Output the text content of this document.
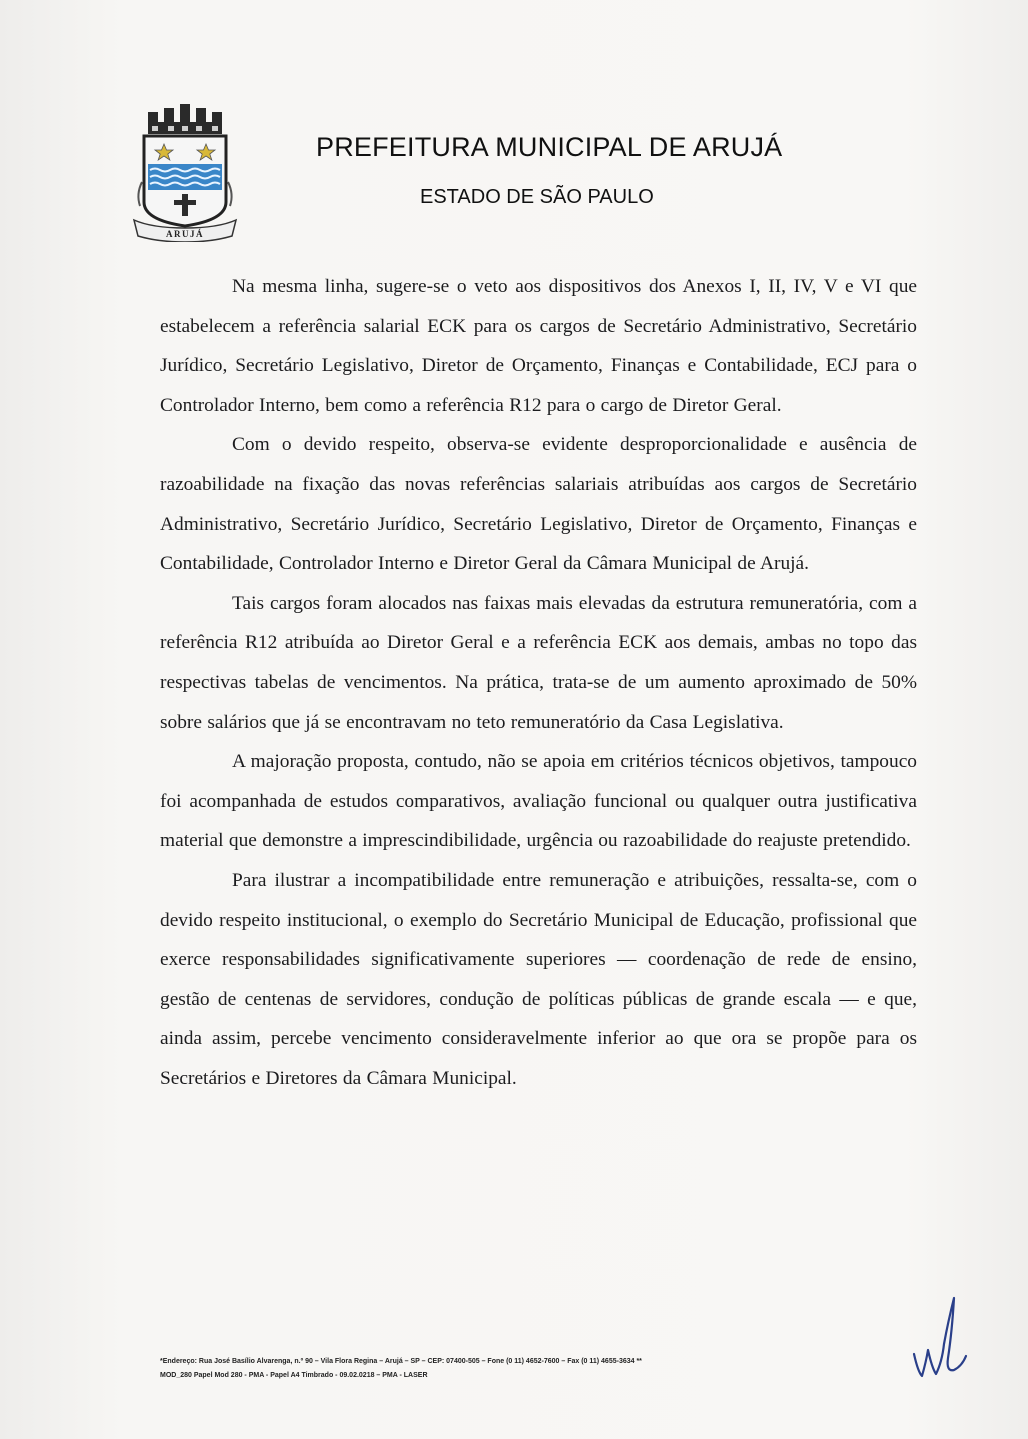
ARUJÁ
PREFEITURA MUNICIPAL DE ARUJÁ
ESTADO DE SÃO PAULO

Na mesma linha, sugere-se o veto aos dispositivos dos Anexos I, II, IV, V e VI que estabelecem a referência salarial ECK para os cargos de Secretário Administrativo, Secretário Jurídico, Secretário Legislativo, Diretor de Orçamento, Finanças e Contabilidade, ECJ para o Controlador Interno, bem como a referência R12 para o cargo de Diretor Geral.

Com o devido respeito, observa-se evidente desproporcionalidade e ausência de razoabilidade na fixação das novas referências salariais atribuídas aos cargos de Secretário Administrativo, Secretário Jurídico, Secretário Legislativo, Diretor de Orçamento, Finanças e Contabilidade, Controlador Interno e Diretor Geral da Câmara Municipal de Arujá.

Tais cargos foram alocados nas faixas mais elevadas da estrutura remuneratória, com a referência R12 atribuída ao Diretor Geral e a referência ECK aos demais, ambas no topo das respectivas tabelas de vencimentos. Na prática, trata-se de um aumento aproximado de 50% sobre salários que já se encontravam no teto remuneratório da Casa Legislativa.

A majoração proposta, contudo, não se apoia em critérios técnicos objetivos, tampouco foi acompanhada de estudos comparativos, avaliação funcional ou qualquer outra justificativa material que demonstre a imprescindibilidade, urgência ou razoabilidade do reajuste pretendido.

Para ilustrar a incompatibilidade entre remuneração e atribuições, ressalta-se, com o devido respeito institucional, o exemplo do Secretário Municipal de Educação, profissional que exerce responsabilidades significativamente superiores — coordenação de rede de ensino, gestão de centenas de servidores, condução de políticas públicas de grande escala — e que, ainda assim, percebe vencimento consideravelmente inferior ao que ora se propõe para os Secretários e Diretores da Câmara Municipal.

*Endereço: Rua José Basílio Alvarenga, n.º 90 – Vila Flora Regina – Arujá – SP – CEP: 07400-505 – Fone (0 11) 4652-7600 – Fax (0 11) 4655-3634 **
MOD_280 Papel Mod 280 - PMA - Papel A4 Timbrado - 09.02.0218 – PMA - LASER
